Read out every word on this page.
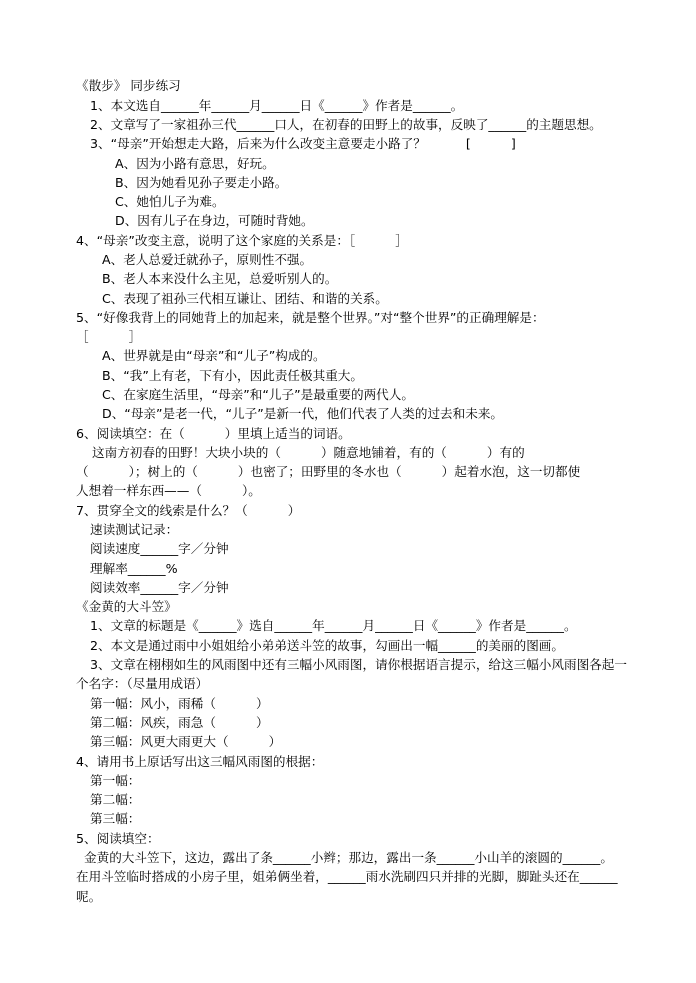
《散步》 同步练习
1、本文选自______年______月______日《______》作者是______。
2、文章写了一家祖孙三代______口人，在初春的田野上的故事，反映了______的主题思想。
3、“母亲”开始想走大路，后来为什么改变主意要走小路了？          [          ]
A、因为小路有意思，好玩。
B、因为她看见孙子要走小路。
C、她怕儿子为难。
D、因有儿子在身边，可随时背她。
4、“母亲”改变主意，说明了这个家庭的关系是：［          ］
A、老人总爱迁就孙子，原则性不强。
B、老人本来没什么主见，总爱听别人的。
C、表现了祖孙三代相互谦让、团结、和谐的关系。
5、“好像我背上的同她背上的加起来，就是整个世界。”对“整个世界”的正确理解是：
［          ］
A、世界就是由“母亲”和“儿子”构成的。
B、“我”上有老，下有小，因此责任极其重大。
C、在家庭生活里，“母亲”和“儿子”是最重要的两代人。
D、“母亲”是老一代，“儿子”是新一代，他们代表了人类的过去和未来。
6、阅读填空：在（          ）里填上适当的词语。
这南方初春的田野！大块小块的（          ）随意地铺着，有的（          ）有的
（          ）；树上的（          ）也密了；田野里的冬水也（          ）起着水泡，这一切都使
人想着一样东西——（          ）。
7、贯穿全文的线索是什么？（          ）
速读测试记录：
阅读速度______字／分钟
理解率______%
阅读效率______字／分钟
《金黄的大斗笠》
1、文章的标题是《______》选自______年______月______日《______》作者是______。
2、本文是通过雨中小姐姐给小弟弟送斗笠的故事，勾画出一幅______的美丽的图画。
3、文章在栩栩如生的风雨图中还有三幅小风雨图，请你根据语言提示，给这三幅小风雨图各起一
个名字：（尽量用成语）
第一幅：风小，雨稀（          ）
第二幅：风疾，雨急（          ）
第三幅：风更大雨更大（          ）
4、请用书上原话写出这三幅风雨图的根据：
第一幅：
第二幅：
第三幅：
5、阅读填空：
金黄的大斗笠下，这边，露出了条______小辫；那边，露出一条______小山羊的滚圆的______。
在用斗笠临时搭成的小房子里，姐弟俩坐着，______雨水洗刷四只并排的光脚，脚趾头还在______
呢。
